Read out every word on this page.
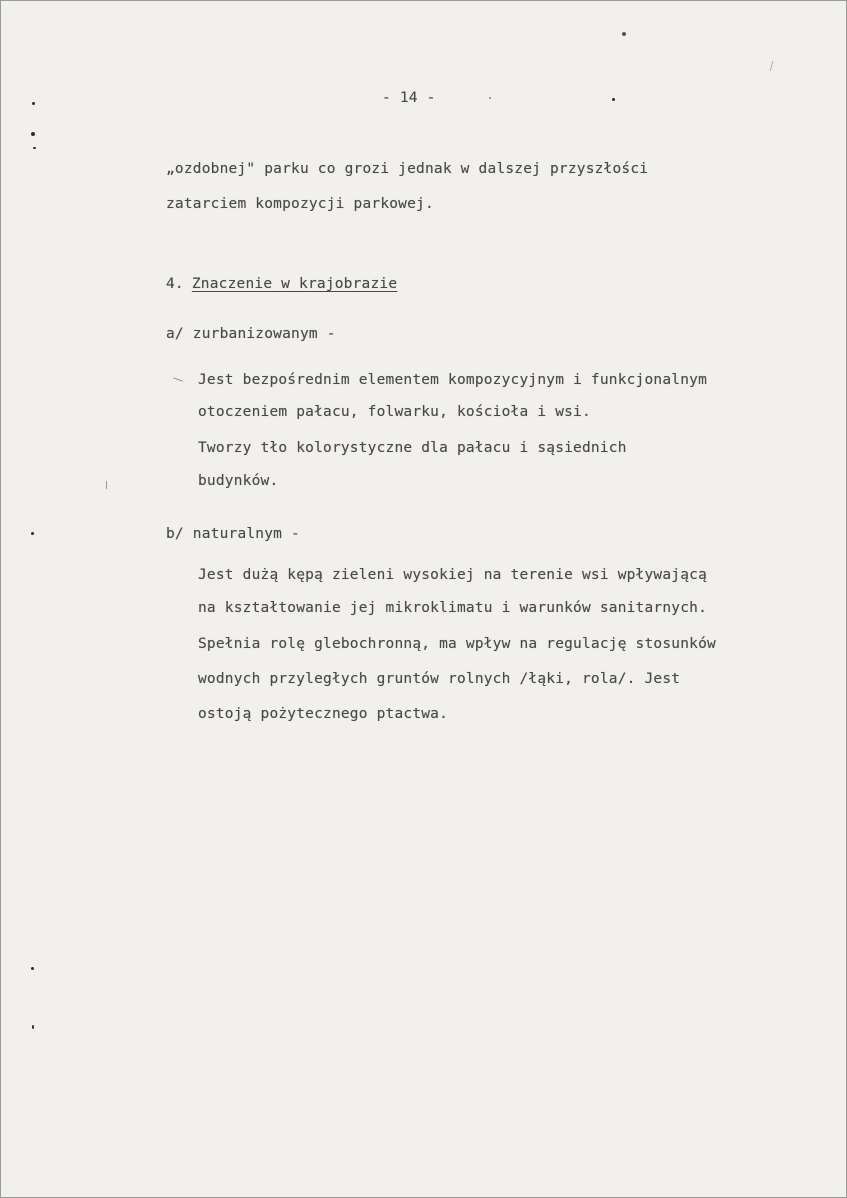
- 14 -

„ozdobnej" parku co grozi jednak w dalszej przyszłości

zatarciem kompozycji parkowej.

4. Znaczenie w krajobrazie

a/ zurbanizowanym -

Jest bezpośrednim elementem kompozycyjnym i funkcjonalnym

otoczeniem pałacu, folwarku, kościoła i wsi.

Tworzy tło kolorystyczne dla pałacu i sąsiednich

budynków.

b/ naturalnym -

Jest dużą kępą zieleni wysokiej na terenie wsi wpływającą

na kształtowanie jej mikroklimatu i warunków sanitarnych.

Spełnia rolę glebochronną, ma wpływ na regulację stosunków

wodnych przyległych gruntów rolnych /łąki, rola/. Jest

ostoją pożytecznego ptactwa.
